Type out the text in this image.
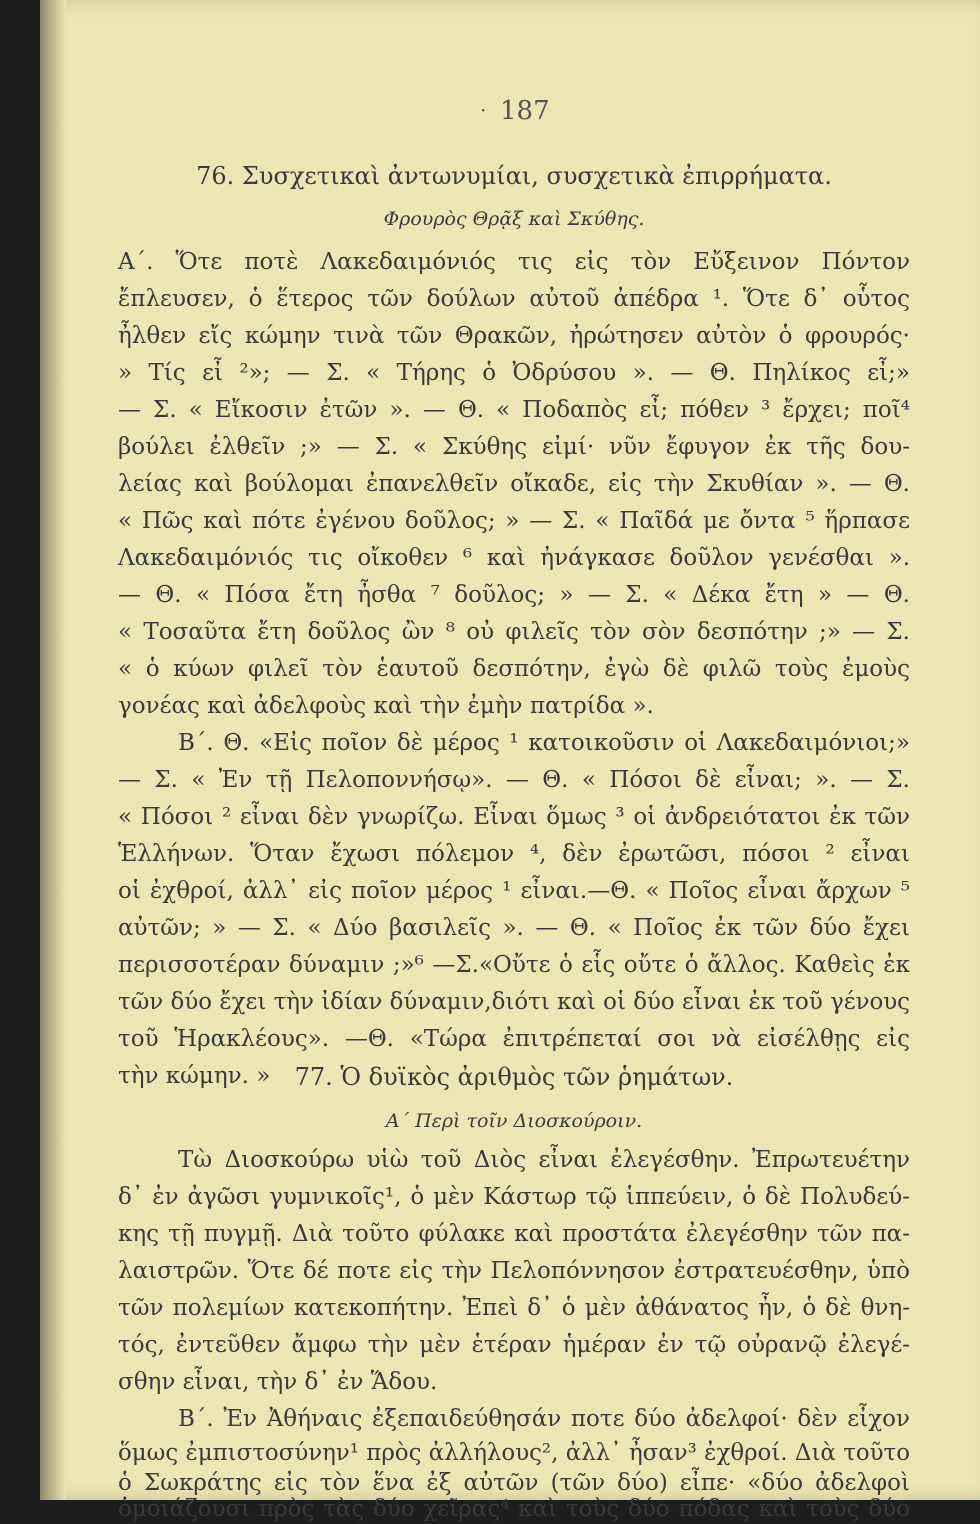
· 187
76. Συσχετικαὶ ἀντωνυμίαι, συσχετικὰ ἐπιρρήματα.
Φρουρὸς Θρᾷξ καὶ Σκύθης.
Α΄. Ὅτε ποτὲ Λακεδαιμόνιός τις εἰς τὸν Εὔξεινον Πόντον
ἔπλευσεν, ὁ ἕτερος τῶν δούλων αὐτοῦ ἀπέδρα ¹. Ὅτε δ᾽ οὗτος
ἦλθεν εἴς κώμην τινὰ τῶν Θρακῶν, ἠρώτησεν αὐτὸν ὁ φρουρός·
» Τίς εἶ ²»; — Σ. « Τήρης ὁ Ὀδρύσου ». — Θ. Πηλίκος εἶ;»
— Σ. « Εἴκοσιν ἐτῶν ». — Θ. « Ποδαπὸς εἶ; πόθεν ³ ἔρχει; ποῖ⁴
βούλει ἐλθεῖν ;» — Σ. « Σκύθης εἰμί· νῦν ἔφυγον ἐκ τῆς δου-
λείας καὶ βούλομαι ἐπανελθεῖν οἴκαδε, εἰς τὴν Σκυθίαν ». — Θ.
« Πῶς καὶ πότε ἐγένου δοῦλος; » — Σ. « Παῖδά με ὄντα ⁵ ἥρπασε
Λακεδαιμόνιός τις οἴκοθεν ⁶ καὶ ἠνάγκασε δοῦλον γενέσθαι ».
— Θ. « Πόσα ἔτη ἦσθα ⁷ δοῦλος; » — Σ. « Δέκα ἔτη » — Θ.
« Τοσαῦτα ἔτη δοῦλος ὢν ⁸ οὐ φιλεῖς τὸν σὸν δεσπότην ;» — Σ.
« ὁ κύων φιλεῖ τὸν ἑαυτοῦ δεσπότην, ἐγὼ δὲ φιλῶ τοὺς ἐμοὺς
γονέας καὶ ἀδελφοὺς καὶ τὴν ἐμὴν πατρίδα ».
Β΄. Θ. «Εἰς ποῖον δὲ μέρος ¹ κατοικοῦσιν οἱ Λακεδαιμόνιοι;»
— Σ. « Ἐν τῇ Πελοποννήσῳ». — Θ. « Πόσοι δὲ εἶναι; ». — Σ.
« Πόσοι ² εἶναι δὲν γνωρίζω. Εἶναι ὅμως ³ οἱ ἀνδρειότατοι ἐκ τῶν
Ἑλλήνων. Ὅταν ἔχωσι πόλεμον ⁴, δὲν ἐρωτῶσι, πόσοι ² εἶναι
οἱ ἐχθροί, ἀλλ᾽ εἰς ποῖον μέρος ¹ εἶναι.—Θ. « Ποῖος εἶναι ἄρχων ⁵
αὐτῶν; » — Σ. « Δύο βασιλεῖς ». — Θ. « Ποῖος ἐκ τῶν δύο ἔχει
περισσοτέραν δύναμιν ;»⁶ —Σ.«Οὔτε ὁ εἷς οὔτε ὁ ἄλλος. Καθεὶς ἐκ
τῶν δύο ἔχει τὴν ἰδίαν δύναμιν,διότι καὶ οἱ δύο εἶναι ἐκ τοῦ γένους
τοῦ Ἡρακλέους». —Θ. «Τώρα ἐπιτρέπεταί σοι νὰ εἰσέλθῃς εἰς
τὴν κώμην. »	77. Ὁ δυϊκὸς ἀριθμὸς τῶν ῥημάτων.
Α΄ Περὶ τοῖν Διοσκούροιν.
Τὼ Διοσκούρω υἱὼ τοῦ Διὸς εἶναι ἐλεγέσθην. Ἐπρωτευέτην
δ᾽ ἐν ἀγῶσι γυμνικοῖς¹, ὁ μὲν Κάστωρ τῷ ἱππεύειν, ὁ δὲ Πολυδεύ-
κης τῇ πυγμῇ. Διὰ τοῦτο φύλακε καὶ προστάτα ἐλεγέσθην τῶν πα-
λαιστρῶν. Ὅτε δέ ποτε εἰς τὴν Πελοπόννησον ἐστρατευέσθην, ὑπὸ
τῶν πολεμίων κατεκοπήτην. Ἐπεὶ δ᾽ ὁ μὲν ἀθάνατος ἦν, ὁ δὲ θνη-
τός, ἐντεῦθεν ἄμφω τὴν μὲν ἑτέραν ἡμέραν ἐν τῷ οὐρανῷ ἐλεγέ-
σθην εἶναι, τὴν δ᾽ ἐν Ἅδου.
Β΄. Ἐν Ἀθήναις ἐξεπαιδεύθησάν ποτε δύο ἀδελφοί· δὲν εἶχον
ὅμως ἐμπιστοσύνην¹ πρὸς ἀλλήλους², ἀλλ᾽ ἦσαν³ ἐχθροί. Διὰ τοῦτο
ὁ Σωκράτης εἰς τὸν ἕνα ἐξ αὐτῶν (τῶν δύο) εἶπε· «δύο ἀδελφοὶ
ὁμοιάζουσι πρὸς τὰς δύο χεῖρας⁴ καὶ τοὺς δύο πόδας καὶ τοὺς δύο
